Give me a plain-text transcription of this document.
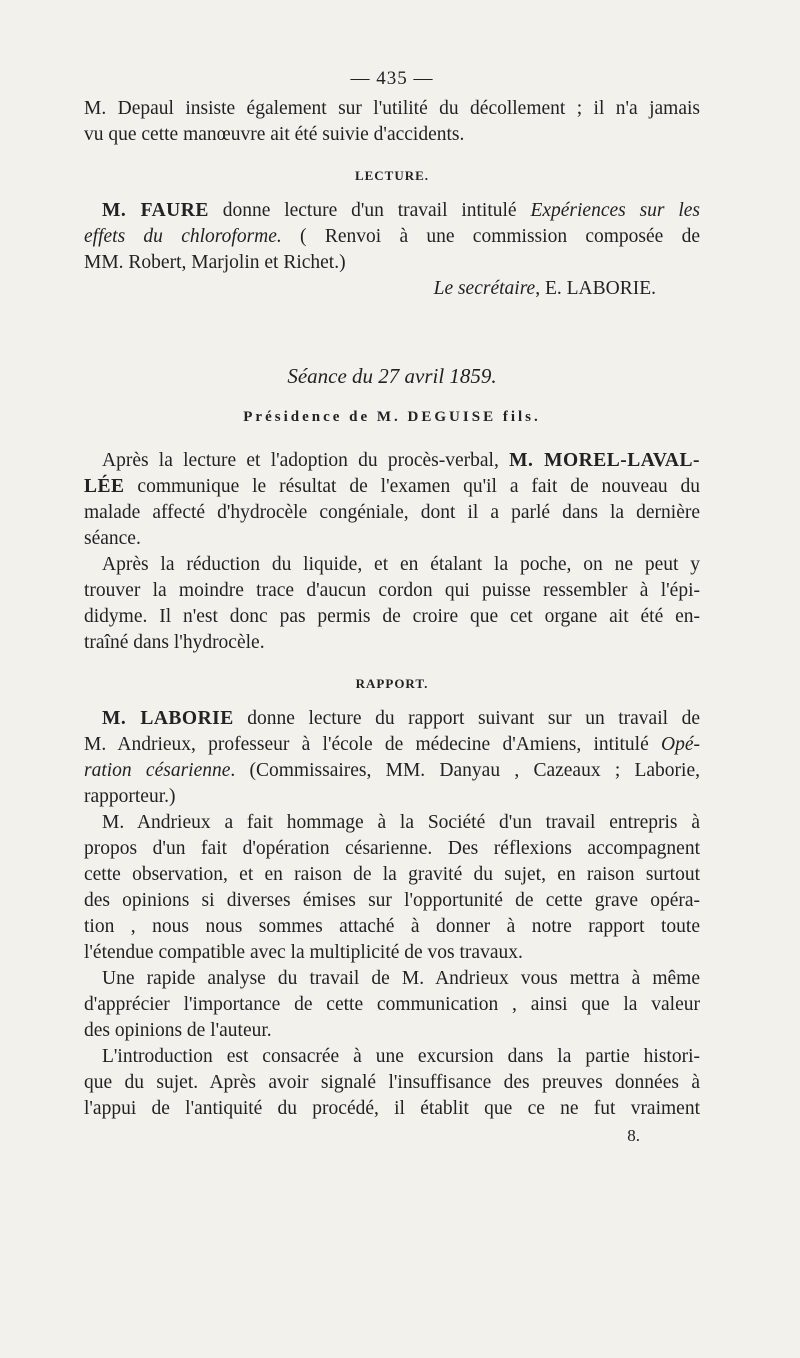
— 435 —

M. Depaul insiste également sur l'utilité du décollement ; il n'a jamais

vu que cette manœuvre ait été suivie d'accidents.

LECTURE.

M. FAURE donne lecture d'un travail intitulé Expériences sur les

effets du chloroforme. ( Renvoi à une commission composée de

MM. Robert, Marjolin et Richet.)

Le secrétaire, E. LABORIE.
Séance du 27 avril 1859.
Présidence de M. DEGUISE fils.

Après la lecture et l'adoption du procès-verbal, M. MOREL-LAVAL-

LÉE communique le résultat de l'examen qu'il a fait de nouveau du

malade affecté d'hydrocèle congéniale, dont il a parlé dans la dernière

séance.

Après la réduction du liquide, et en étalant la poche, on ne peut y

trouver la moindre trace d'aucun cordon qui puisse ressembler à l'épi-

didyme. Il n'est donc pas permis de croire que cet organe ait été en-

traîné dans l'hydrocèle.

RAPPORT.

M. LABORIE donne lecture du rapport suivant sur un travail de

M. Andrieux, professeur à l'école de médecine d'Amiens, intitulé Opé-

ration césarienne. (Commissaires, MM. Danyau , Cazeaux ; Laborie,

rapporteur.)

M. Andrieux a fait hommage à la Société d'un travail entrepris à

propos d'un fait d'opération césarienne. Des réflexions accompagnent

cette observation, et en raison de la gravité du sujet, en raison surtout

des opinions si diverses émises sur l'opportunité de cette grave opéra-

tion , nous nous sommes attaché à donner à notre rapport toute

l'étendue compatible avec la multiplicité de vos travaux.

Une rapide analyse du travail de M. Andrieux vous mettra à même

d'apprécier l'importance de cette communication , ainsi que la valeur

des opinions de l'auteur.

L'introduction est consacrée à une excursion dans la partie histori-

que du sujet. Après avoir signalé l'insuffisance des preuves données à

l'appui de l'antiquité du procédé, il établit que ce ne fut vraiment

8.
